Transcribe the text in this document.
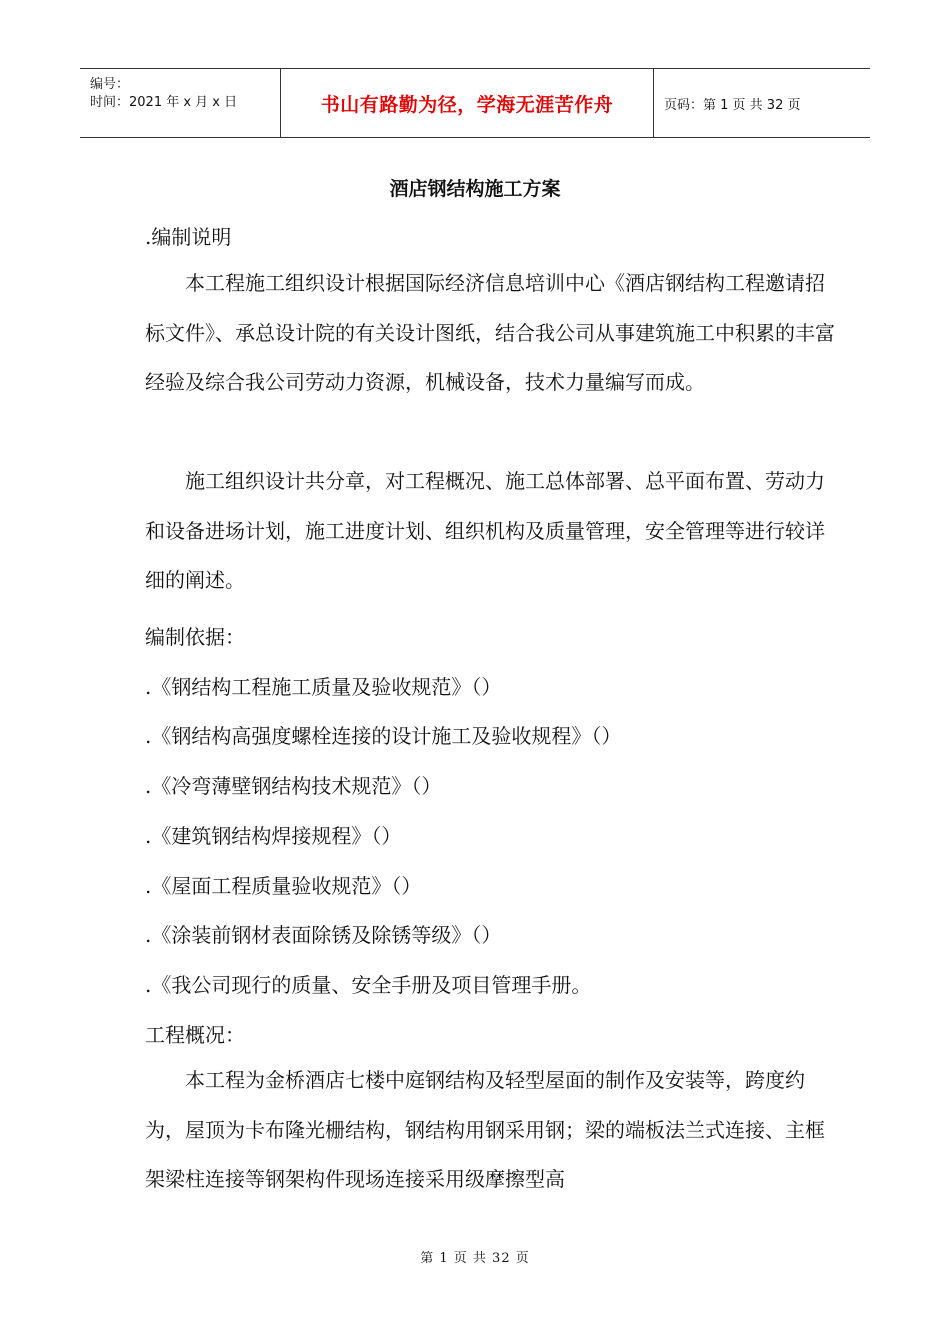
编号：
时间：2021 年 x 月 x 日	书山有路勤为径，学海无涯苦作舟	页码：第 1 页 共 32 页
酒店钢结构施工方案
.编制说明

本工程施工组织设计根据国际经济信息培训中心《酒店钢结构工程邀请招标文件》、承总设计院的有关设计图纸，结合我公司从事建筑施工中积累的丰富经验及综合我公司劳动力资源，机械设备，技术力量编写而成。

施工组织设计共分章，对工程概况、施工总体部署、总平面布置、劳动力和设备进场计划，施工进度计划、组织机构及质量管理，安全管理等进行较详细的阐述。

编制依据：
.《钢结构工程施工质量及验收规范》（）
.《钢结构高强度螺栓连接的设计施工及验收规程》（）
.《冷弯薄壁钢结构技术规范》（）
.《建筑钢结构焊接规程》（）
.《屋面工程质量验收规范》（）
.《涂装前钢材表面除锈及除锈等级》（）
.《我公司现行的质量、安全手册及项目管理手册。
工程概况：

本工程为金桥酒店七楼中庭钢结构及轻型屋面的制作及安装等，跨度约为，屋顶为卡布隆光栅结构，钢结构用钢采用钢；梁的端板法兰式连接、主框架梁柱连接等钢架构件现场连接采用级摩擦型高

第 1 页 共 32 页
